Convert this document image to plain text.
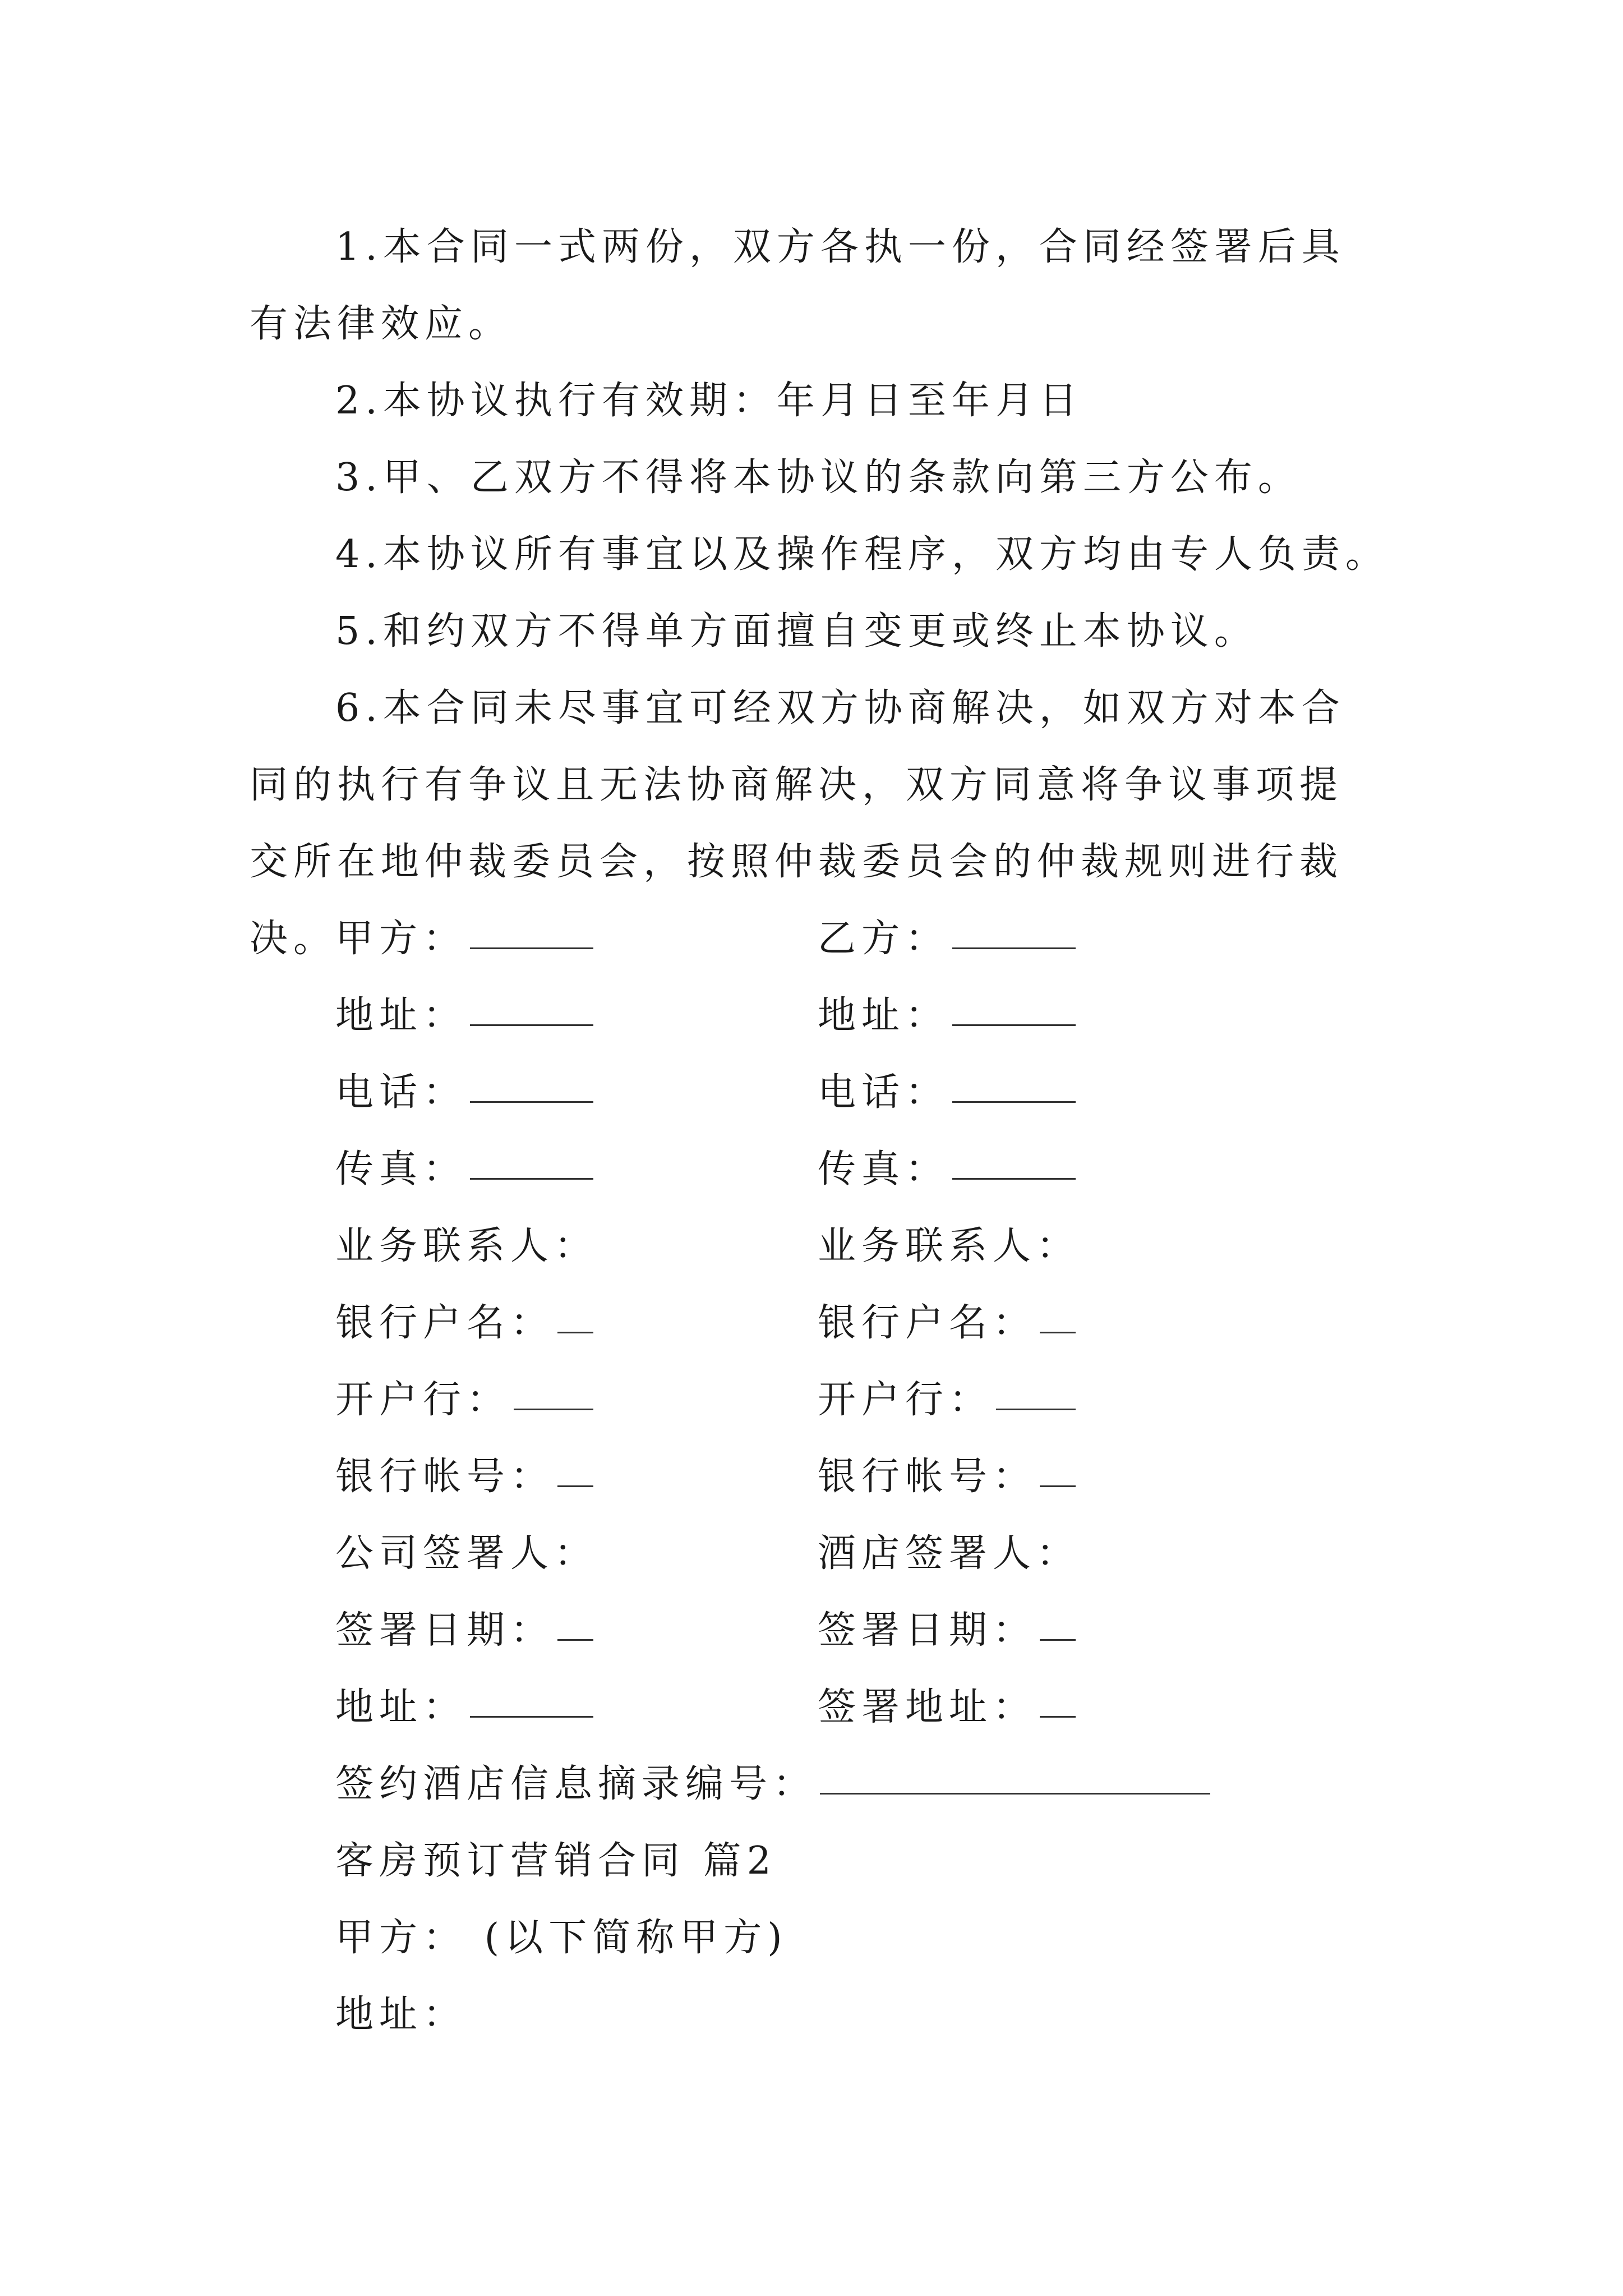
1.本合同一式两份，双方各执一份，合同经签署后具有法律效应。

2.本协议执行有效期：年月日至年月日

3.甲、乙双方不得将本协议的条款向第三方公布。

4.本协议所有事宜以及操作程序，双方均由专人负责。

5.和约双方不得单方面擅自变更或终止本协议。

6.本合同未尽事宜可经双方协商解决，如双方对本合同的执行有争议且无法协商解决，双方同意将争议事项提交所在地仲裁委员会，按照仲裁委员会的仲裁规则进行裁决。

甲方：	乙方：
地址：	地址：
电话：	电话：
传真：	传真：
业务联系人：	业务联系人：
银行户名：	银行户名：
开户行：	开户行：
银行帐号：	银行帐号：
公司签署人：	酒店签署人：
签署日期：	签署日期：
地址：	签署地址：
签约酒店信息摘录编号：

客房预订营销合同 篇2

甲方： (以下简称甲方)

地址：
